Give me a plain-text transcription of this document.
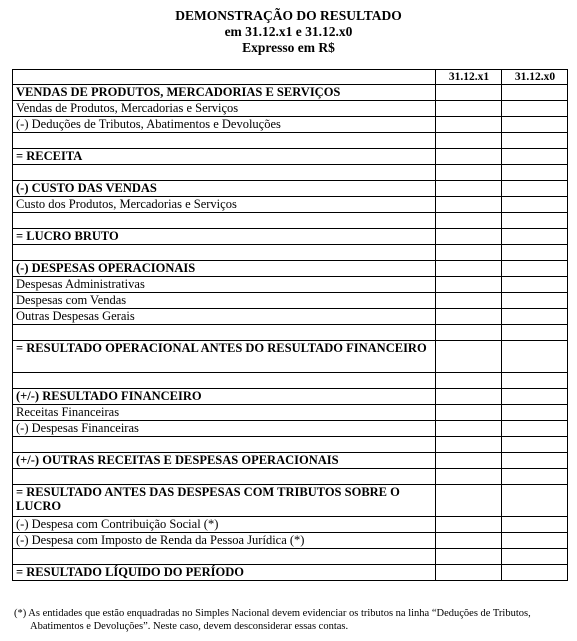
DEMONSTRAÇÃO DO RESULTADO
em 31.12.x1 e 31.12.x0
Expresso em R$
	31.12.x1	31.12.x0
VENDAS DE PRODUTOS, MERCADORIAS E SERVIÇOS		
Vendas de Produtos, Mercadorias e Serviços		
(-) Deduções de Tributos, Abatimentos e Devoluções		

= RECEITA		

(-) CUSTO DAS VENDAS		
Custo dos Produtos, Mercadorias e Serviços		

= LUCRO BRUTO		

(-) DESPESAS OPERACIONAIS		
Despesas Administrativas		
Despesas com Vendas		
Outras Despesas Gerais		

= RESULTADO OPERACIONAL ANTES DO RESULTADO FINANCEIRO		

(+/-) RESULTADO FINANCEIRO		
Receitas Financeiras		
(-) Despesas Financeiras		

(+/-) OUTRAS RECEITAS E DESPESAS OPERACIONAIS		

= RESULTADO ANTES DAS DESPESAS COM TRIBUTOS SOBRE O LUCRO		
(-) Despesa com Contribuição Social (*)		
(-) Despesa com Imposto de Renda da Pessoa Jurídica (*)		

= RESULTADO LÍQUIDO DO PERÍODO		
(*) As entidades que estão enquadradas no Simples Nacional devem evidenciar os tributos na linha “Deduções de Tributos, Abatimentos e Devoluções”. Neste caso, devem desconsiderar essas contas.
